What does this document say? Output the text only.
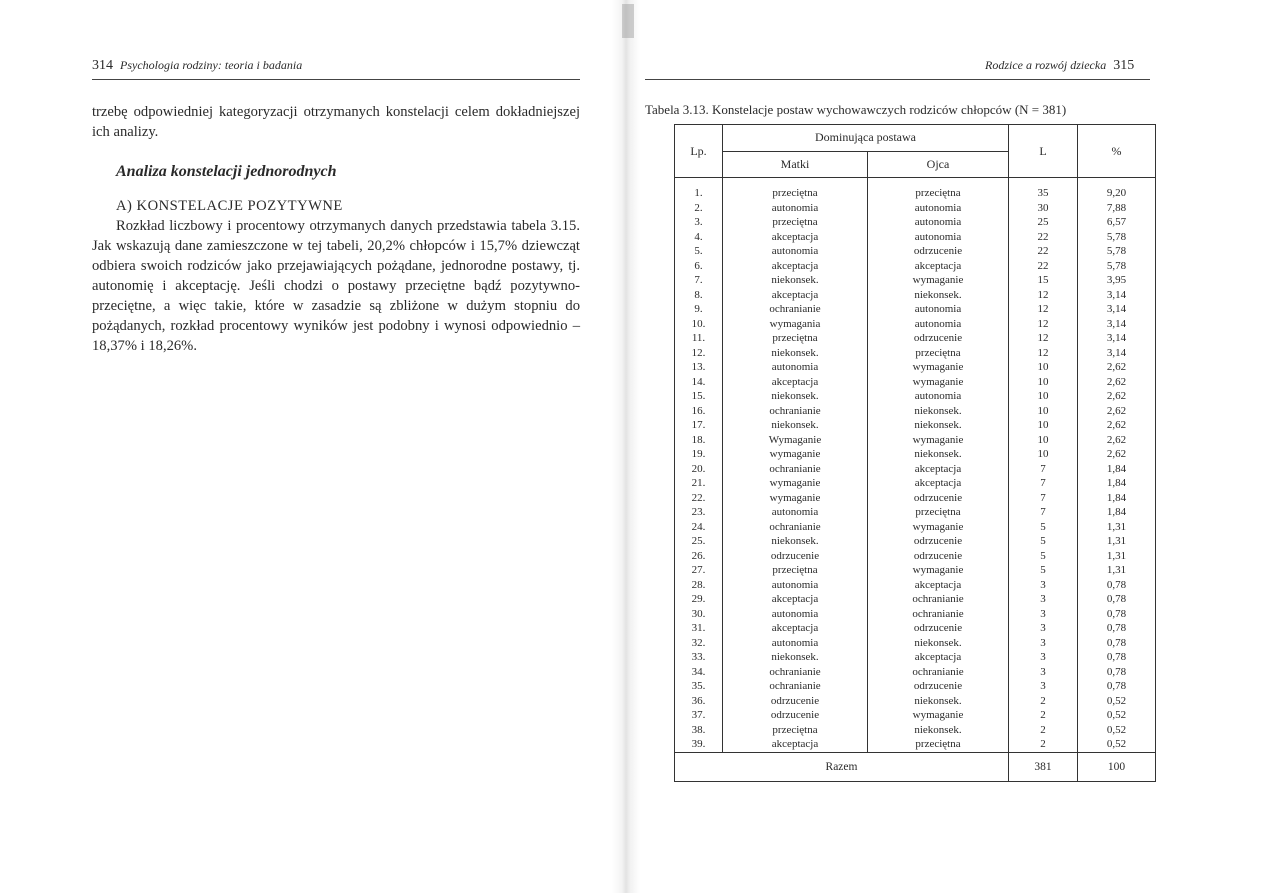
314 Psychologia rodziny: teoria i badania

trzebę odpowiedniej kategoryzacji otrzymanych konstelacji celem dokładniejszej ich analizy.

Analiza konstelacji jednorodnych

A) KONSTELACJE POZYTYWNE

Rozkład liczbowy i procentowy otrzymanych danych przedstawia tabela 3.15. Jak wskazują dane zamieszczone w tej tabeli, 20,2% chłopców i 15,7% dziewcząt odbiera swoich rodziców jako przejawiających pożądane, jednorodne postawy, tj. autonomię i akceptację. Jeśli chodzi o postawy przeciętne bądź pozytywno-przeciętne, a więc takie, które w zasadzie są zbliżone w dużym stopniu do pożądanych, rozkład procentowy wyników jest podobny i wynosi odpowiednio – 18,37% i 18,26%.

Rodzice a rozwój dziecka 315
Tabela 3.13. Konstelacje postaw wychowawczych rodziców chłopców (N = 381)
Lp.	Dominująca postawa		L	%
	Matki	Ojca		

1.	przeciętna	przeciętna	35	9,20
2.	autonomia	autonomia	30	7,88
3.	przeciętna	autonomia	25	6,57
4.	akceptacja	autonomia	22	5,78
5.	autonomia	odrzucenie	22	5,78
6.	akceptacja	akceptacja	22	5,78
7.	niekonsek.	wymaganie	15	3,95
8.	akceptacja	niekonsek.	12	3,14
9.	ochranianie	autonomia	12	3,14
10.	wymagania	autonomia	12	3,14
11.	przeciętna	odrzucenie	12	3,14
12.	niekonsek.	przeciętna	12	3,14
13.	autonomia	wymaganie	10	2,62
14.	akceptacja	wymaganie	10	2,62
15.	niekonsek.	autonomia	10	2,62
16.	ochranianie	niekonsek.	10	2,62
17.	niekonsek.	niekonsek.	10	2,62
18.	Wymaganie	wymaganie	10	2,62
19.	wymaganie	niekonsek.	10	2,62
20.	ochranianie	akceptacja	7	1,84
21.	wymaganie	akceptacja	7	1,84
22.	wymaganie	odrzucenie	7	1,84
23.	autonomia	przeciętna	7	1,84
24.	ochranianie	wymaganie	5	1,31
25.	niekonsek.	odrzucenie	5	1,31
26.	odrzucenie	odrzucenie	5	1,31
27.	przeciętna	wymaganie	5	1,31
28.	autonomia	akceptacja	3	0,78
29.	akceptacja	ochranianie	3	0,78
30.	autonomia	ochranianie	3	0,78
31.	akceptacja	odrzucenie	3	0,78
32.	autonomia	niekonsek.	3	0,78
33.	niekonsek.	akceptacja	3	0,78
34.	ochranianie	ochranianie	3	0,78
35.	ochranianie	odrzucenie	3	0,78
36.	odrzucenie	niekonsek.	2	0,52
37.	odrzucenie	wymaganie	2	0,52
38.	przeciętna	niekonsek.	2	0,52
39.	akceptacja	przeciętna	2	0,52
Razem			381	100
